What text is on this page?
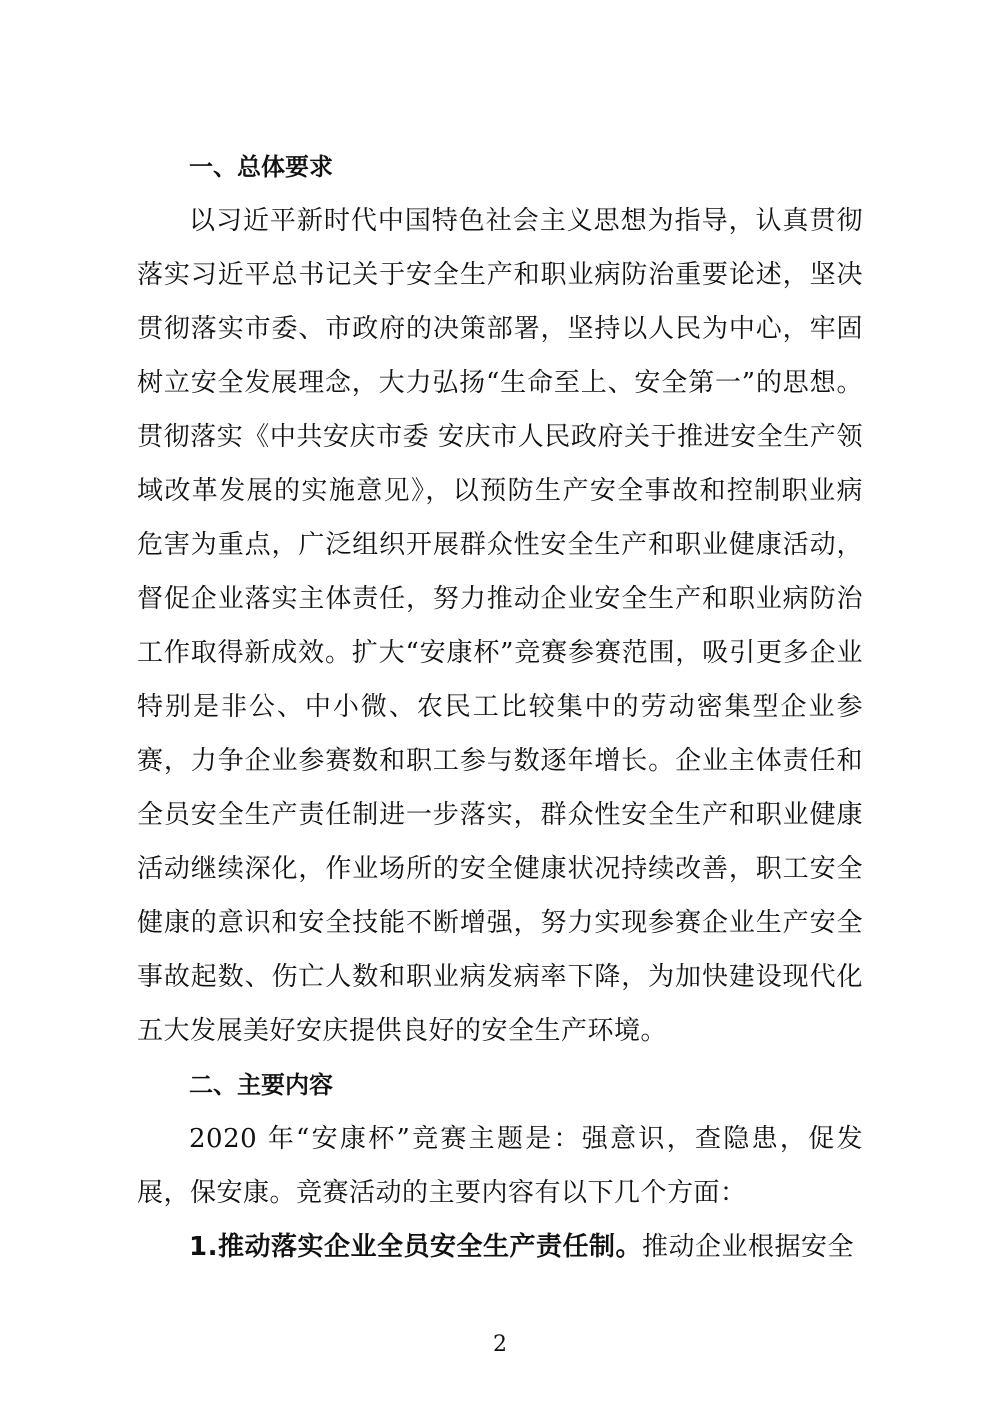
一、总体要求

以习近平新时代中国特色社会主义思想为指导，认真贯彻落实习近平总书记关于安全生产和职业病防治重要论述，坚决贯彻落实市委、市政府的决策部署，坚持以人民为中心，牢固树立安全发展理念，大力弘扬“生命至上、安全第一”的思想。贯彻落实《中共安庆市委 安庆市人民政府关于推进安全生产领域改革发展的实施意见》，以预防生产安全事故和控制职业病危害为重点，广泛组织开展群众性安全生产和职业健康活动，督促企业落实主体责任，努力推动企业安全生产和职业病防治工作取得新成效。扩大“安康杯”竞赛参赛范围，吸引更多企业特别是非公、中小微、农民工比较集中的劳动密集型企业参赛，力争企业参赛数和职工参与数逐年增长。企业主体责任和全员安全生产责任制进一步落实，群众性安全生产和职业健康活动继续深化，作业场所的安全健康状况持续改善，职工安全健康的意识和安全技能不断增强，努力实现参赛企业生产安全事故起数、伤亡人数和职业病发病率下降，为加快建设现代化五大发展美好安庆提供良好的安全生产环境。

二、主要内容

2020 年“安康杯”竞赛主题是：强意识，查隐患，促发展，保安康。竞赛活动的主要内容有以下几个方面：

1.推动落实企业全员安全生产责任制。推动企业根据安全

2
